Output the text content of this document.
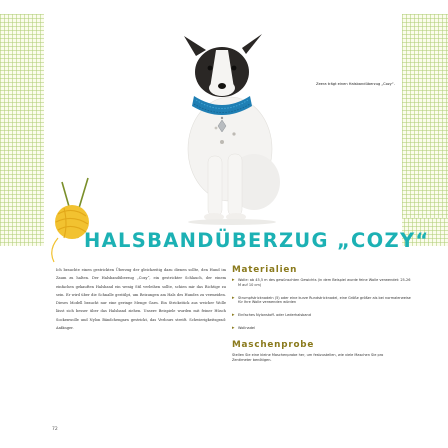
Zeera trägt einen Halsbandüberzug „Cozy“.
HALSBANDÜBERZUG „COZY“

Ich brauchte einen gestrickten Überzug der gleichzeitig dazu dienen sollte, den Hund im Zaum zu halten. Der Halsbandüberzug „Cozy“, ein gestrickter Schlauch, der einem einfachen gekauften Halsband ein wenig Stil verleihen sollte, schien mir das Richtige zu sein. Er wird über die Schnalle gestülpt, um Reizungen am Hals des Hundes zu vermeiden. Dieses Modell braucht nur eine geringe Menge Garn. Ein Strickstück aus weicher Wolle lässt sich besser über das Halsband ziehen. Unsere Beispiele wurden mit feiner Hüsch Sockenwolle und Nylon Bändchengarn gestrickt, das Verlours streift. Schwierigkeitsgrad: Anfänger.

Materialien
▸ Wolle: ab 45,5 m des gewünschten Gewichts (in dem Beispiel wurde feine Wolle verwendet: 25-26 M auf 10 cm)
▸ Strumpfstricknadeln (5) oder eine kurze Rundstricknadel, eine Größe größer als bei normalerweise für Ihre Wolle verwenden würden
▸ Einfaches Nylonstoff- oder Lederhalsband
▸ Wollnadel
Maschenprobe
Stellen Sie eine kleine Maschenprobe her, um festzustellen, wie viele Maschen Sie pro Zentimeter benötigen.
72
